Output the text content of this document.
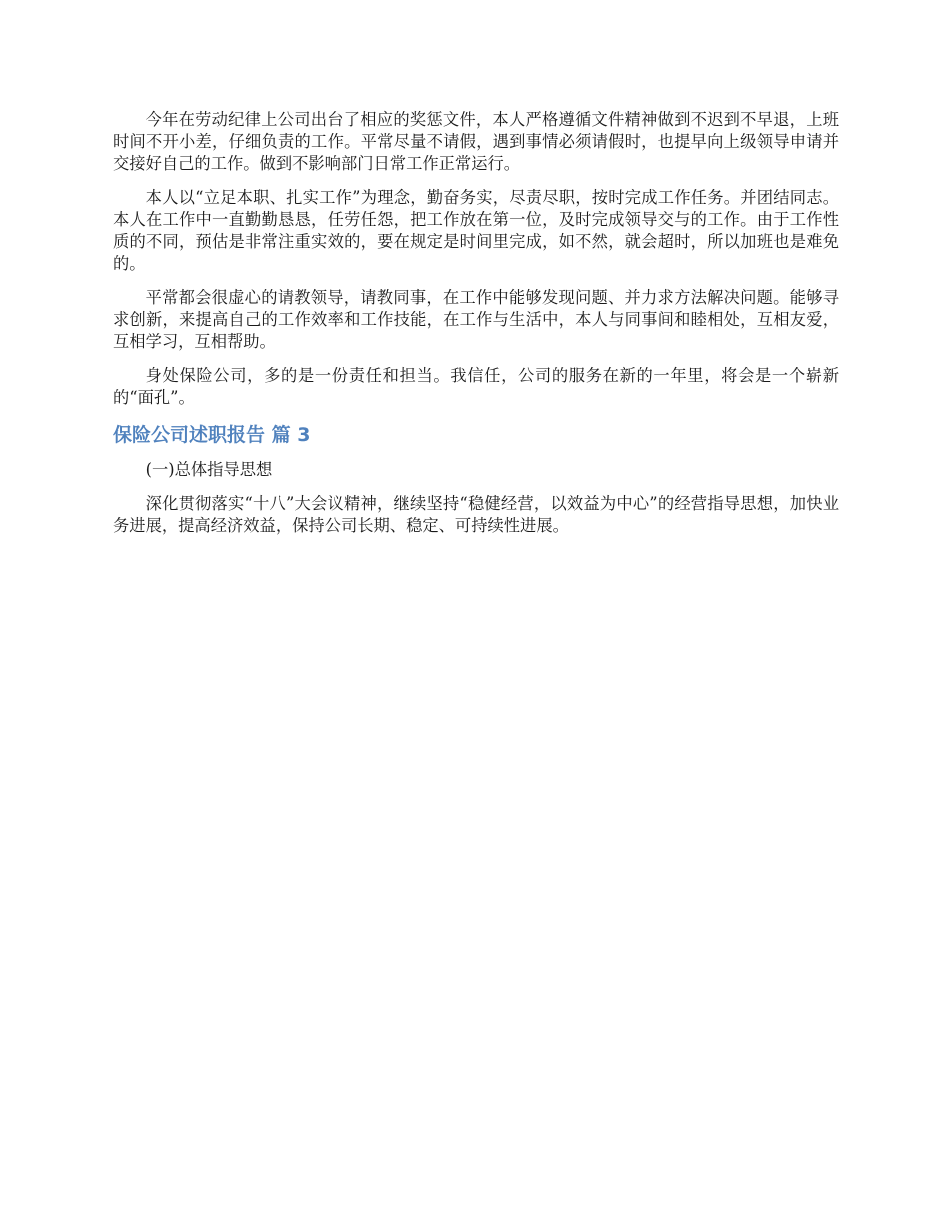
今年在劳动纪律上公司出台了相应的奖惩文件，本人严格遵循文件精神做到不迟到不早退，上班时间不开小差，仔细负责的工作。平常尽量不请假，遇到事情必须请假时，也提早向上级领导申请并交接好自己的工作。做到不影响部门日常工作正常运行。

本人以“立足本职、扎实工作”为理念，勤奋务实，尽责尽职，按时完成工作任务。并团结同志。本人在工作中一直勤勤恳恳，任劳任怨，把工作放在第一位，及时完成领导交与的工作。由于工作性质的不同，预估是非常注重实效的，要在规定是时间里完成，如不然，就会超时，所以加班也是难免的。

平常都会很虚心的请教领导，请教同事，在工作中能够发现问题、并力求方法解决问题。能够寻求创新，来提高自己的工作效率和工作技能，在工作与生活中，本人与同事间和睦相处，互相友爱，互相学习，互相帮助。

身处保险公司，多的是一份责任和担当。我信任，公司的服务在新的一年里，将会是一个崭新的“面孔”。

保险公司述职报告 篇 3

(一)总体指导思想

深化贯彻落实“十八”大会议精神，继续坚持“稳健经营，以效益为中心”的经营指导思想，加快业务进展，提高经济效益，保持公司长期、稳定、可持续性进展。
